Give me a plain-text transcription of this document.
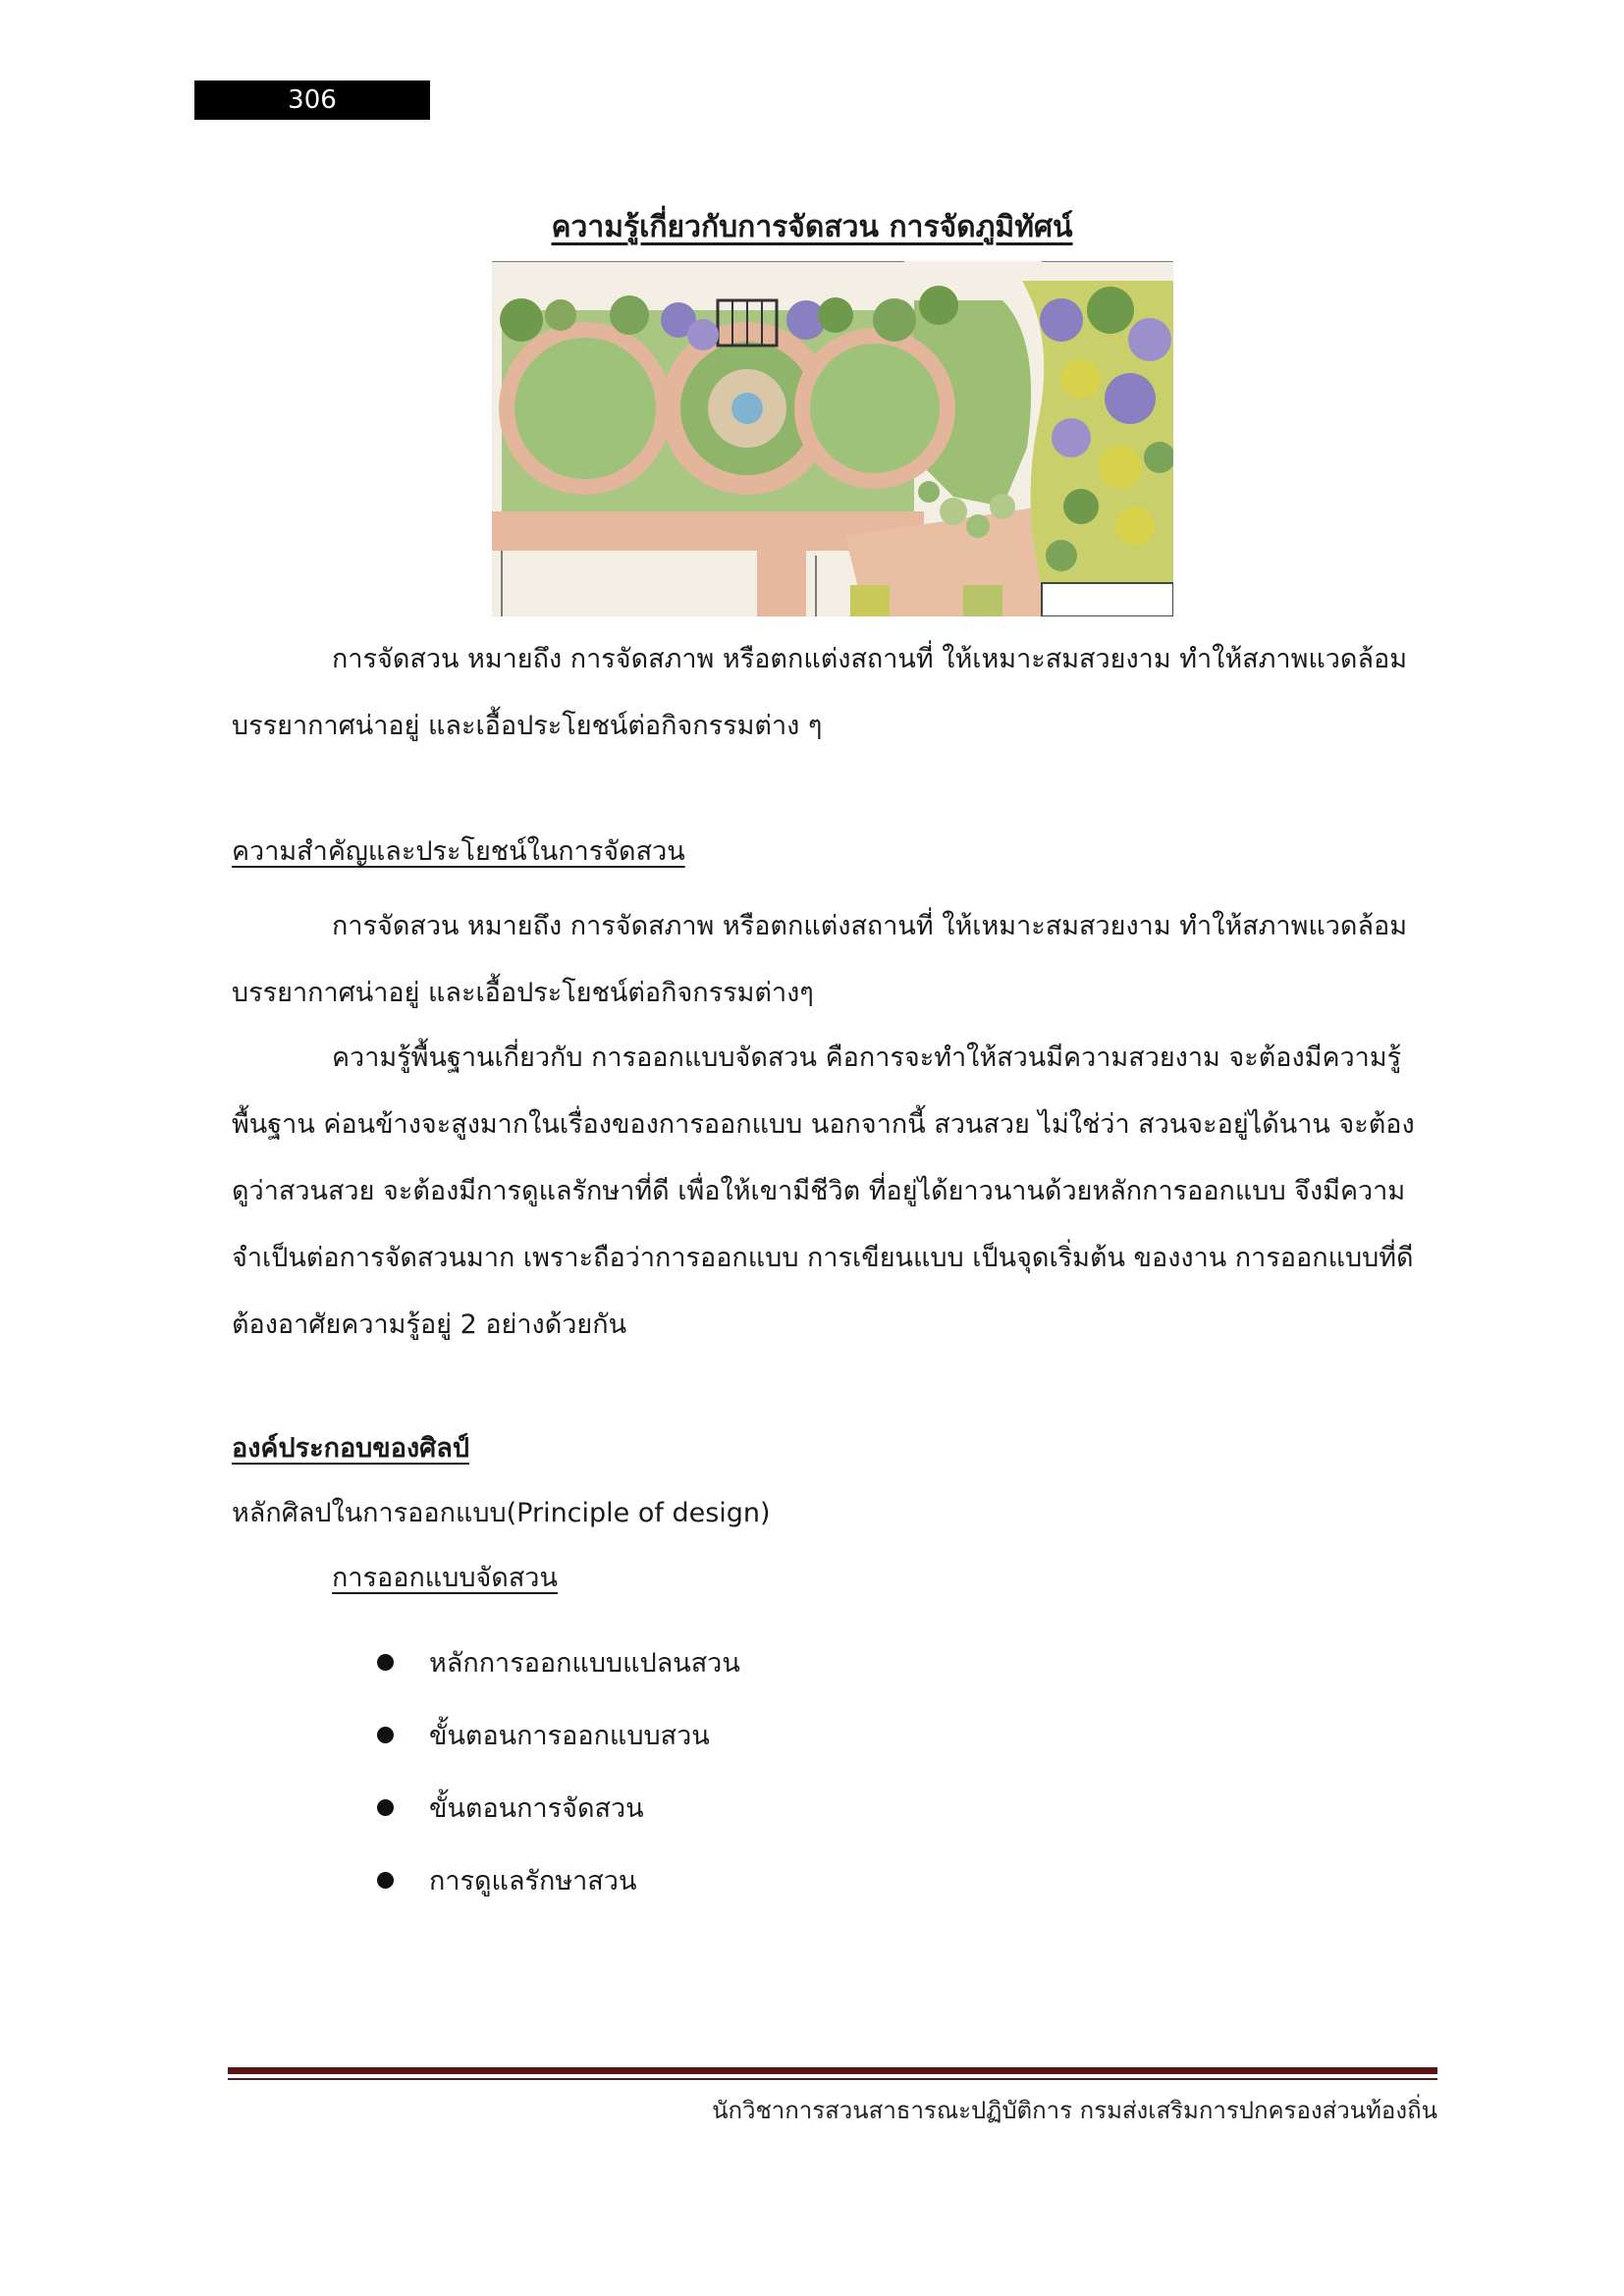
306
ความรู้เกี่ยวกับการจัดสวน การจัดภูมิทัศน์

การจัดสวน หมายถึง การจัดสภาพ หรือตกแต่งสถานที่ ให้เหมาะสมสวยงาม ทำให้สภาพแวดล้อม บรรยากาศน่าอยู่ และเอื้อประโยชน์ต่อกิจกรรมต่าง ๆ

ความสำคัญและประโยชน์ในการจัดสวน

การจัดสวน หมายถึง การจัดสภาพ หรือตกแต่งสถานที่ ให้เหมาะสมสวยงาม ทำให้สภาพแวดล้อม บรรยากาศน่าอยู่ และเอื้อประโยชน์ต่อกิจกรรมต่างๆ

ความรู้พื้นฐานเกี่ยวกับ การออกแบบจัดสวน คือการจะทำให้สวนมีความสวยงาม จะต้องมีความรู้พื้นฐาน ค่อนข้างจะสูงมากในเรื่องของการออกแบบ นอกจากนี้ สวนสวย ไม่ใช่ว่า สวนจะอยู่ได้นาน จะต้องดูว่าสวนสวย จะต้องมีการดูแลรักษาที่ดี เพื่อให้เขามีชีวิต ที่อยู่ได้ยาวนานด้วยหลักการออกแบบ จึงมีความจำเป็นต่อการจัดสวนมาก เพราะถือว่าการออกแบบ การเขียนแบบ เป็นจุดเริ่มต้น ของงาน การออกแบบที่ดีต้องอาศัยความรู้อยู่ 2 อย่างด้วยกัน

องค์ประกอบของศิลป์
หลักศิลปในการออกแบบ(Principle of design)
การออกแบบจัดสวน
หลักการออกแบบแปลนสวน
ขั้นตอนการออกแบบสวน
ขั้นตอนการจัดสวน
การดูแลรักษาสวน
นักวิชาการสวนสาธารณะปฏิบัติการ กรมส่งเสริมการปกครองส่วนท้องถิ่น
